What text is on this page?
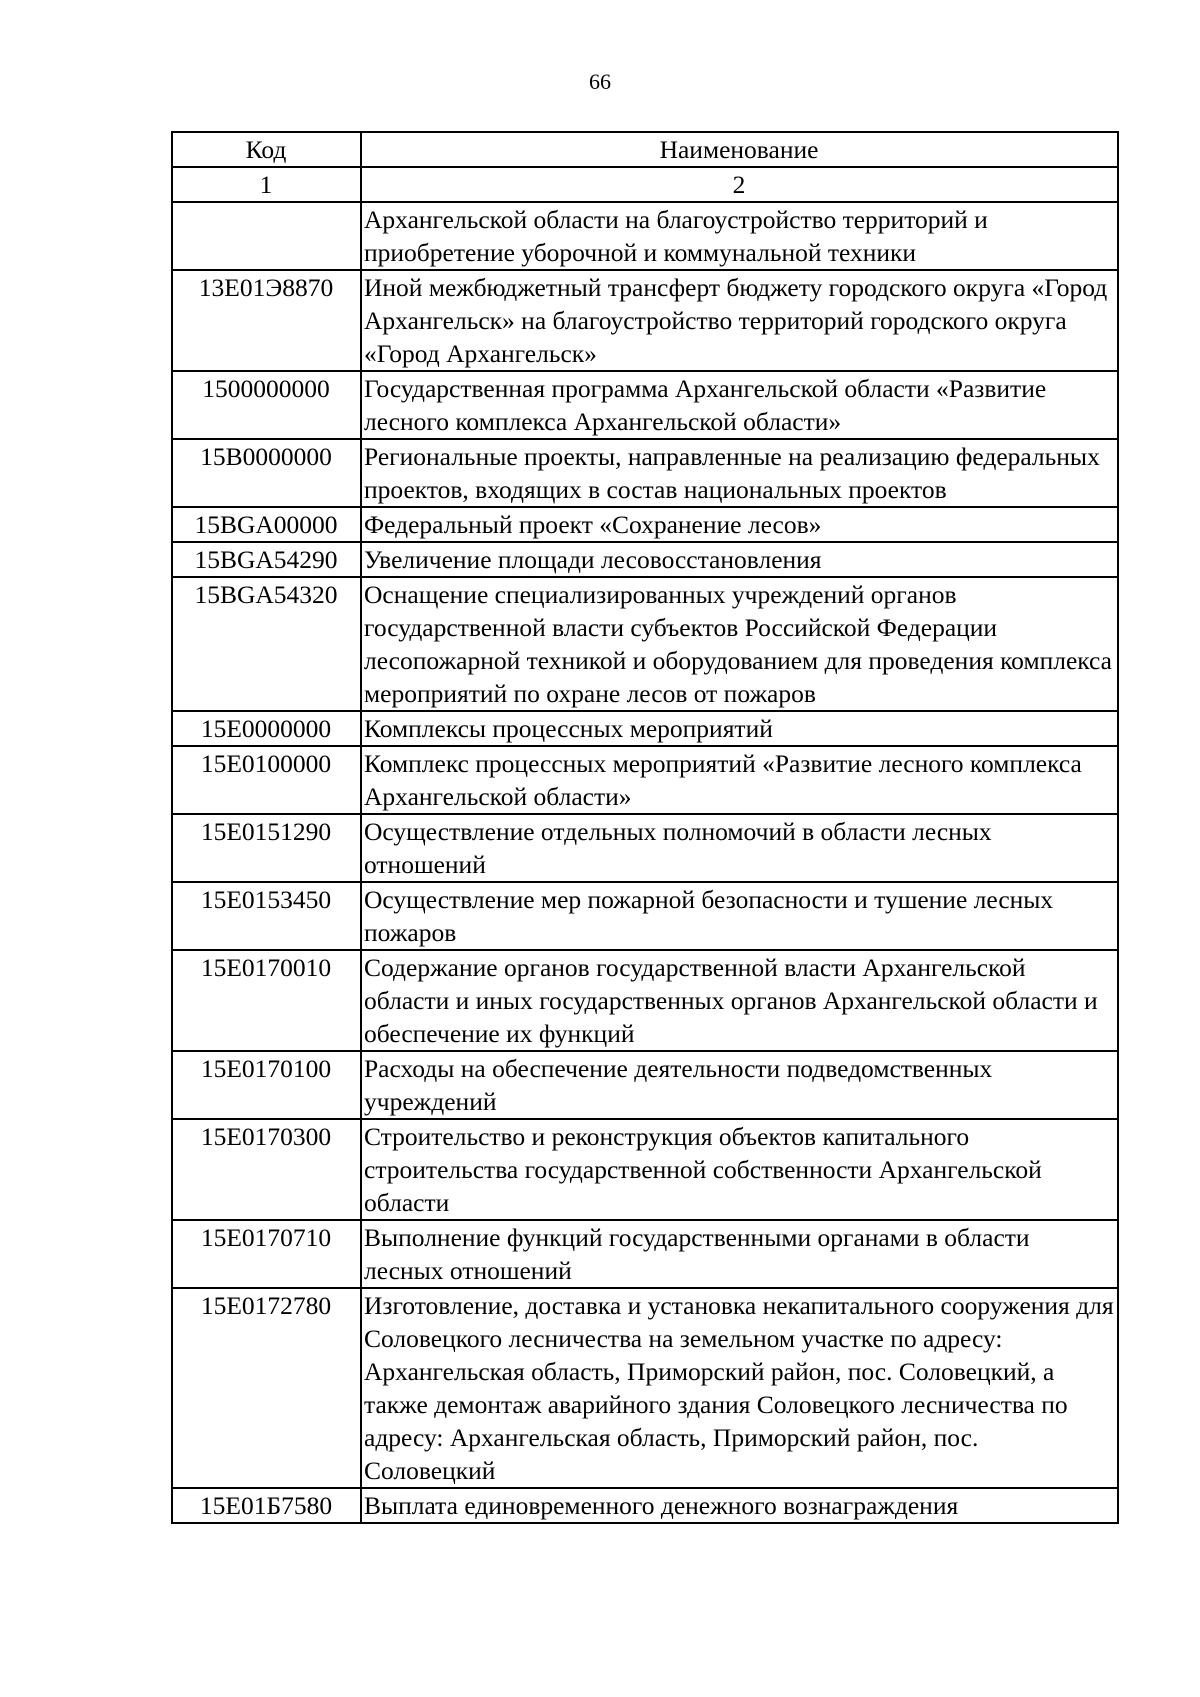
66
Код	Наименование
1	2
	Архангельской области на благоустройство территорий и приобретение уборочной и коммунальной техники
13Е01Э8870	Иной межбюджетный трансферт бюджету городского округа «Город Архангельск» на благоустройство территорий городского округа «Город Архангельск»
1500000000	Государственная программа Архангельской области «Развитие лесного комплекса Архангельской области»
15В0000000	Региональные проекты, направленные на реализацию федеральных проектов, входящих в состав национальных проектов
15BGA00000	Федеральный проект «Сохранение лесов»
15BGA54290	Увеличение площади лесовосстановления
15BGA54320	Оснащение специализированных учреждений органов государственной власти субъектов Российской Федерации лесопожарной техникой и оборудованием для проведения комплекса мероприятий по охране лесов от пожаров
15Е0000000	Комплексы процессных мероприятий
15Е0100000	Комплекс процессных мероприятий «Развитие лесного комплекса Архангельской области»
15Е0151290	Осуществление отдельных полномочий в области лесных отношений
15Е0153450	Осуществление мер пожарной безопасности и тушение лесных пожаров
15Е0170010	Содержание органов государственной власти Архангельской области и иных государственных органов Архангельской области и обеспечение их функций
15Е0170100	Расходы на обеспечение деятельности подведомственных учреждений
15Е0170300	Строительство и реконструкция объектов капитального строительства государственной собственности Архангельской области
15Е0170710	Выполнение функций государственными органами в области лесных отношений
15Е0172780	Изготовление, доставка и установка некапитального сооружения для Соловецкого лесничества на земельном участке по адресу: Архангельская область, Приморский район, пос. Соловецкий, а также демонтаж аварийного здания Соловецкого лесничества по адресу: Архангельская область, Приморский район, пос. Соловецкий
15Е01Б7580	Выплата единовременного денежного вознаграждения
